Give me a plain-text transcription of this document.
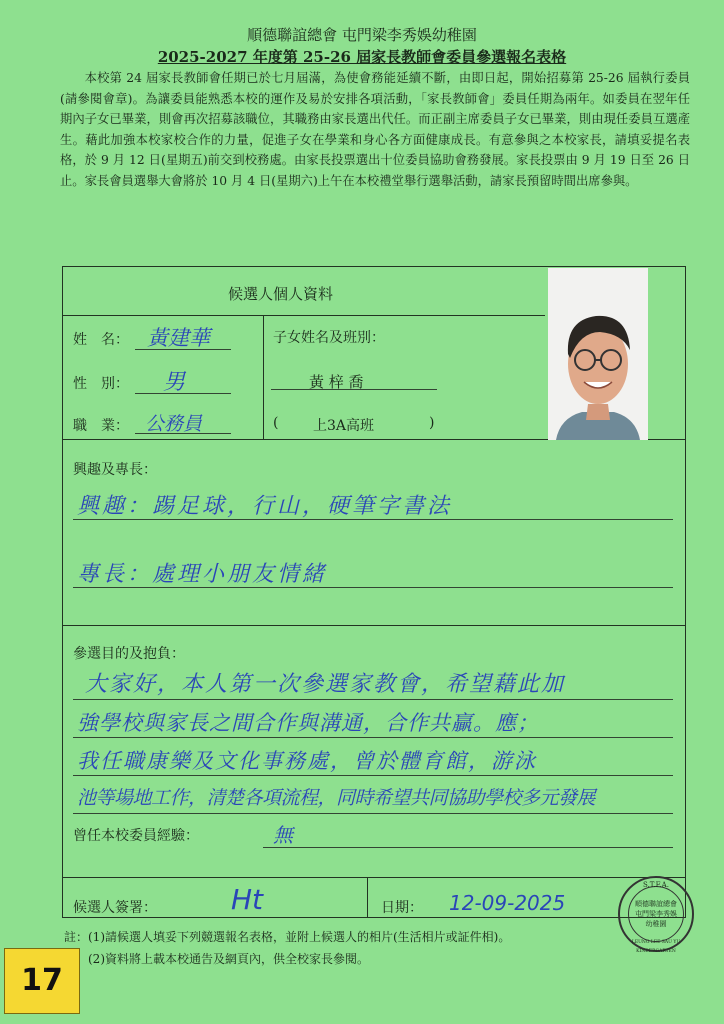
順德聯誼總會 屯門梁李秀娛幼稚園
2025-2027 年度第 25-26 屆家長教師會委員參選報名表格
本校第 24 屆家長教師會任期已於七月屆滿，為使會務能延續不斷，由即日起，開始招募第 25-26 屆執行委員(請參閱會章)。為讓委員能熟悉本校的運作及易於安排各項活動，「家長教師會」委員任期為兩年。如委員在翌年任期內子女已畢業，則會再次招募該職位，其職務由家長選出代任。而正副主席委員子女已畢業，則由現任委員互選產生。藉此加強本校家校合作的力量，促進子女在學業和身心各方面健康成長。有意參與之本校家長，請填妥提名表格，於 9 月 12 日(星期五)前交到校務處。由家長投票選出十位委員協助會務發展。家長投票由 9 月 19 日至 26 日止。家長會員選舉大會將於 10 月 4 日(星期六)上午在本校禮堂舉行選舉活動，請家長預留時間出席參與。
候選人個人資料
姓　名： 黃建華
性　別： 男
職　業： 公務員
子女姓名及班別：
黃 梓 喬
( 上3A高班	)
興趣及專長：
興趣：踢足球，行山，硬筆字書法
專長：處理小朋友情緒
參選目的及抱負：
大家好，本人第一次參選家教會，希望藉此加
強學校與家長之間合作與溝通，合作共贏。應；
我任職康樂及文化事務處，曾於體育館，游泳
池等場地工作，清楚各項流程，同時希望共同協助學校多元發展
曾任本校委員經驗：	無
候選人簽署：	Ht	日期： 12-09-2025
S.T.F.A.
順德聯誼總會
屯門梁李秀娛
幼稚園
LEUNG LEE SAU YU KINDERGARTEN
註：(1)請候選人填妥下列競選報名表格，並附上候選人的相片(生活相片或証件相)。
(2)資料將上載本校通告及網頁內，供全校家長參閱。
17
